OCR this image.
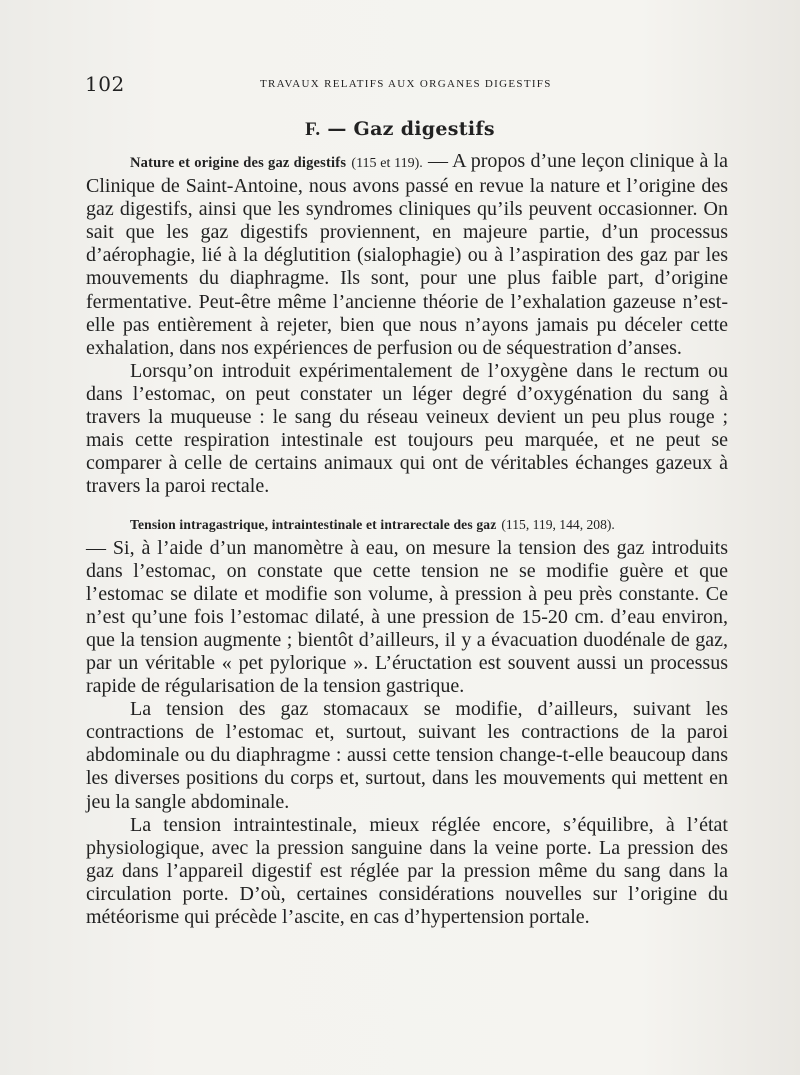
102	TRAVAUX RELATIFS AUX ORGANES DIGESTIFS
F. — Gaz digestifs

Nature et origine des gaz digestifs (115 et 119). — A propos d’une leçon clinique à la Clinique de Saint-Antoine, nous avons passé en revue la nature et l’origine des gaz digestifs, ainsi que les syndromes cliniques qu’ils peuvent occasionner. On sait que les gaz digestifs proviennent, en majeure partie, d’un processus d’aérophagie, lié à la déglutition (sialophagie) ou à l’aspiration des gaz par les mouvements du diaphragme. Ils sont, pour une plus faible part, d’origine fermentative. Peut-être même l’ancienne théorie de l’exhalation gazeuse n’est-elle pas entièrement à rejeter, bien que nous n’ayons jamais pu déceler cette exhalation, dans nos expériences de perfusion ou de séquestration d’anses.

Lorsqu’on introduit expérimentalement de l’oxygène dans le rectum ou dans l’estomac, on peut constater un léger degré d’oxygénation du sang à travers la muqueuse : le sang du réseau veineux devient un peu plus rouge ; mais cette respiration intestinale est toujours peu marquée, et ne peut se comparer à celle de certains animaux qui ont de véritables échanges gazeux à travers la paroi rectale.

Tension intragastrique, intraintestinale et intrarectale des gaz (115, 119, 144, 208).

— Si, à l’aide d’un manomètre à eau, on mesure la tension des gaz introduits dans l’estomac, on constate que cette tension ne se modifie guère et que l’estomac se dilate et modifie son volume, à pression à peu près constante. Ce n’est qu’une fois l’estomac dilaté, à une pression de 15-20 cm. d’eau environ, que la tension augmente ; bientôt d’ailleurs, il y a évacuation duodénale de gaz, par un véritable « pet pylorique ». L’éructation est souvent aussi un processus rapide de régularisation de la tension gastrique.

La tension des gaz stomacaux se modifie, d’ailleurs, suivant les contractions de l’estomac et, surtout, suivant les contractions de la paroi abdominale ou du diaphragme : aussi cette tension change-t-elle beaucoup dans les diverses positions du corps et, surtout, dans les mouvements qui mettent en jeu la sangle abdominale.

La tension intraintestinale, mieux réglée encore, s’équilibre, à l’état physiologique, avec la pression sanguine dans la veine porte. La pression des gaz dans l’appareil digestif est réglée par la pression même du sang dans la circulation porte. D’où, certaines considérations nouvelles sur l’origine du météorisme qui précède l’ascite, en cas d’hypertension portale.
